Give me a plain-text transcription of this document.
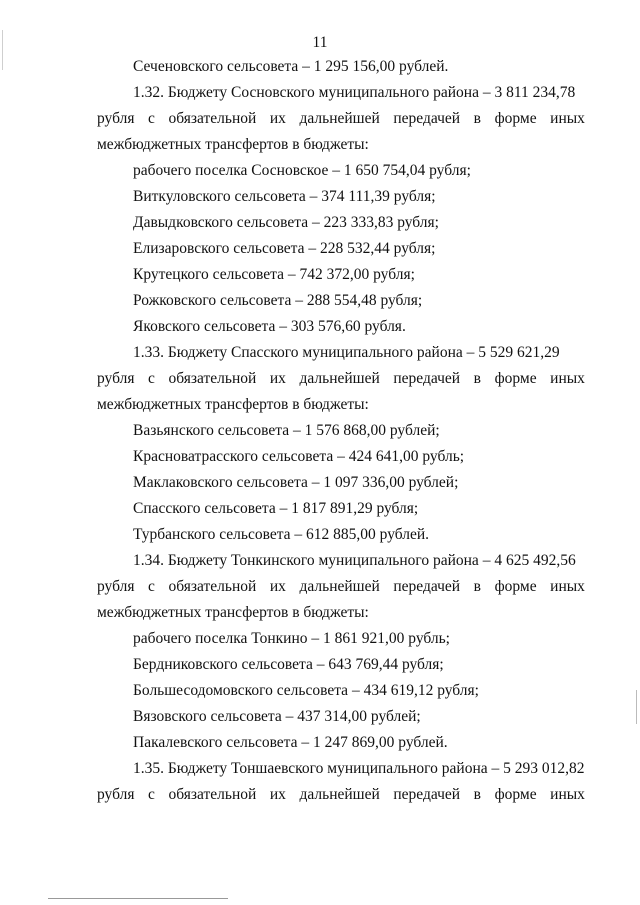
11
Сеченовского сельсовета – 1 295 156,00 рублей.
1.32. Бюджету Сосновского муниципального района – 3 811 234,78
рубля с обязательной их дальнейшей передачей в форме иных
межбюджетных трансфертов в бюджеты:
рабочего поселка Сосновское – 1 650 754,04 рубля;
Виткуловского сельсовета – 374 111,39 рубля;
Давыдковского сельсовета – 223 333,83 рубля;
Елизаровского сельсовета – 228 532,44 рубля;
Крутецкого сельсовета – 742 372,00 рубля;
Рожковского сельсовета – 288 554,48 рубля;
Яковского сельсовета – 303 576,60 рубля.
1.33. Бюджету Спасского муниципального района – 5 529 621,29
рубля с обязательной их дальнейшей передачей в форме иных
межбюджетных трансфертов в бюджеты:
Вазьянского сельсовета – 1 576 868,00 рублей;
Красноватрасского сельсовета – 424 641,00 рубль;
Маклаковского сельсовета – 1 097 336,00 рублей;
Спасского сельсовета – 1 817 891,29 рубля;
Турбанского сельсовета – 612 885,00 рублей.
1.34. Бюджету Тонкинского муниципального района – 4 625 492,56
рубля с обязательной их дальнейшей передачей в форме иных
межбюджетных трансфертов в бюджеты:
рабочего поселка Тонкино – 1 861 921,00 рубль;
Бердниковского сельсовета – 643 769,44 рубля;
Большесодомовского сельсовета – 434 619,12 рубля;
Вязовского сельсовета – 437 314,00 рублей;
Пакалевского сельсовета – 1 247 869,00 рублей.
1.35. Бюджету Тоншаевского муниципального района – 5 293 012,82
рубля с обязательной их дальнейшей передачей в форме иных
